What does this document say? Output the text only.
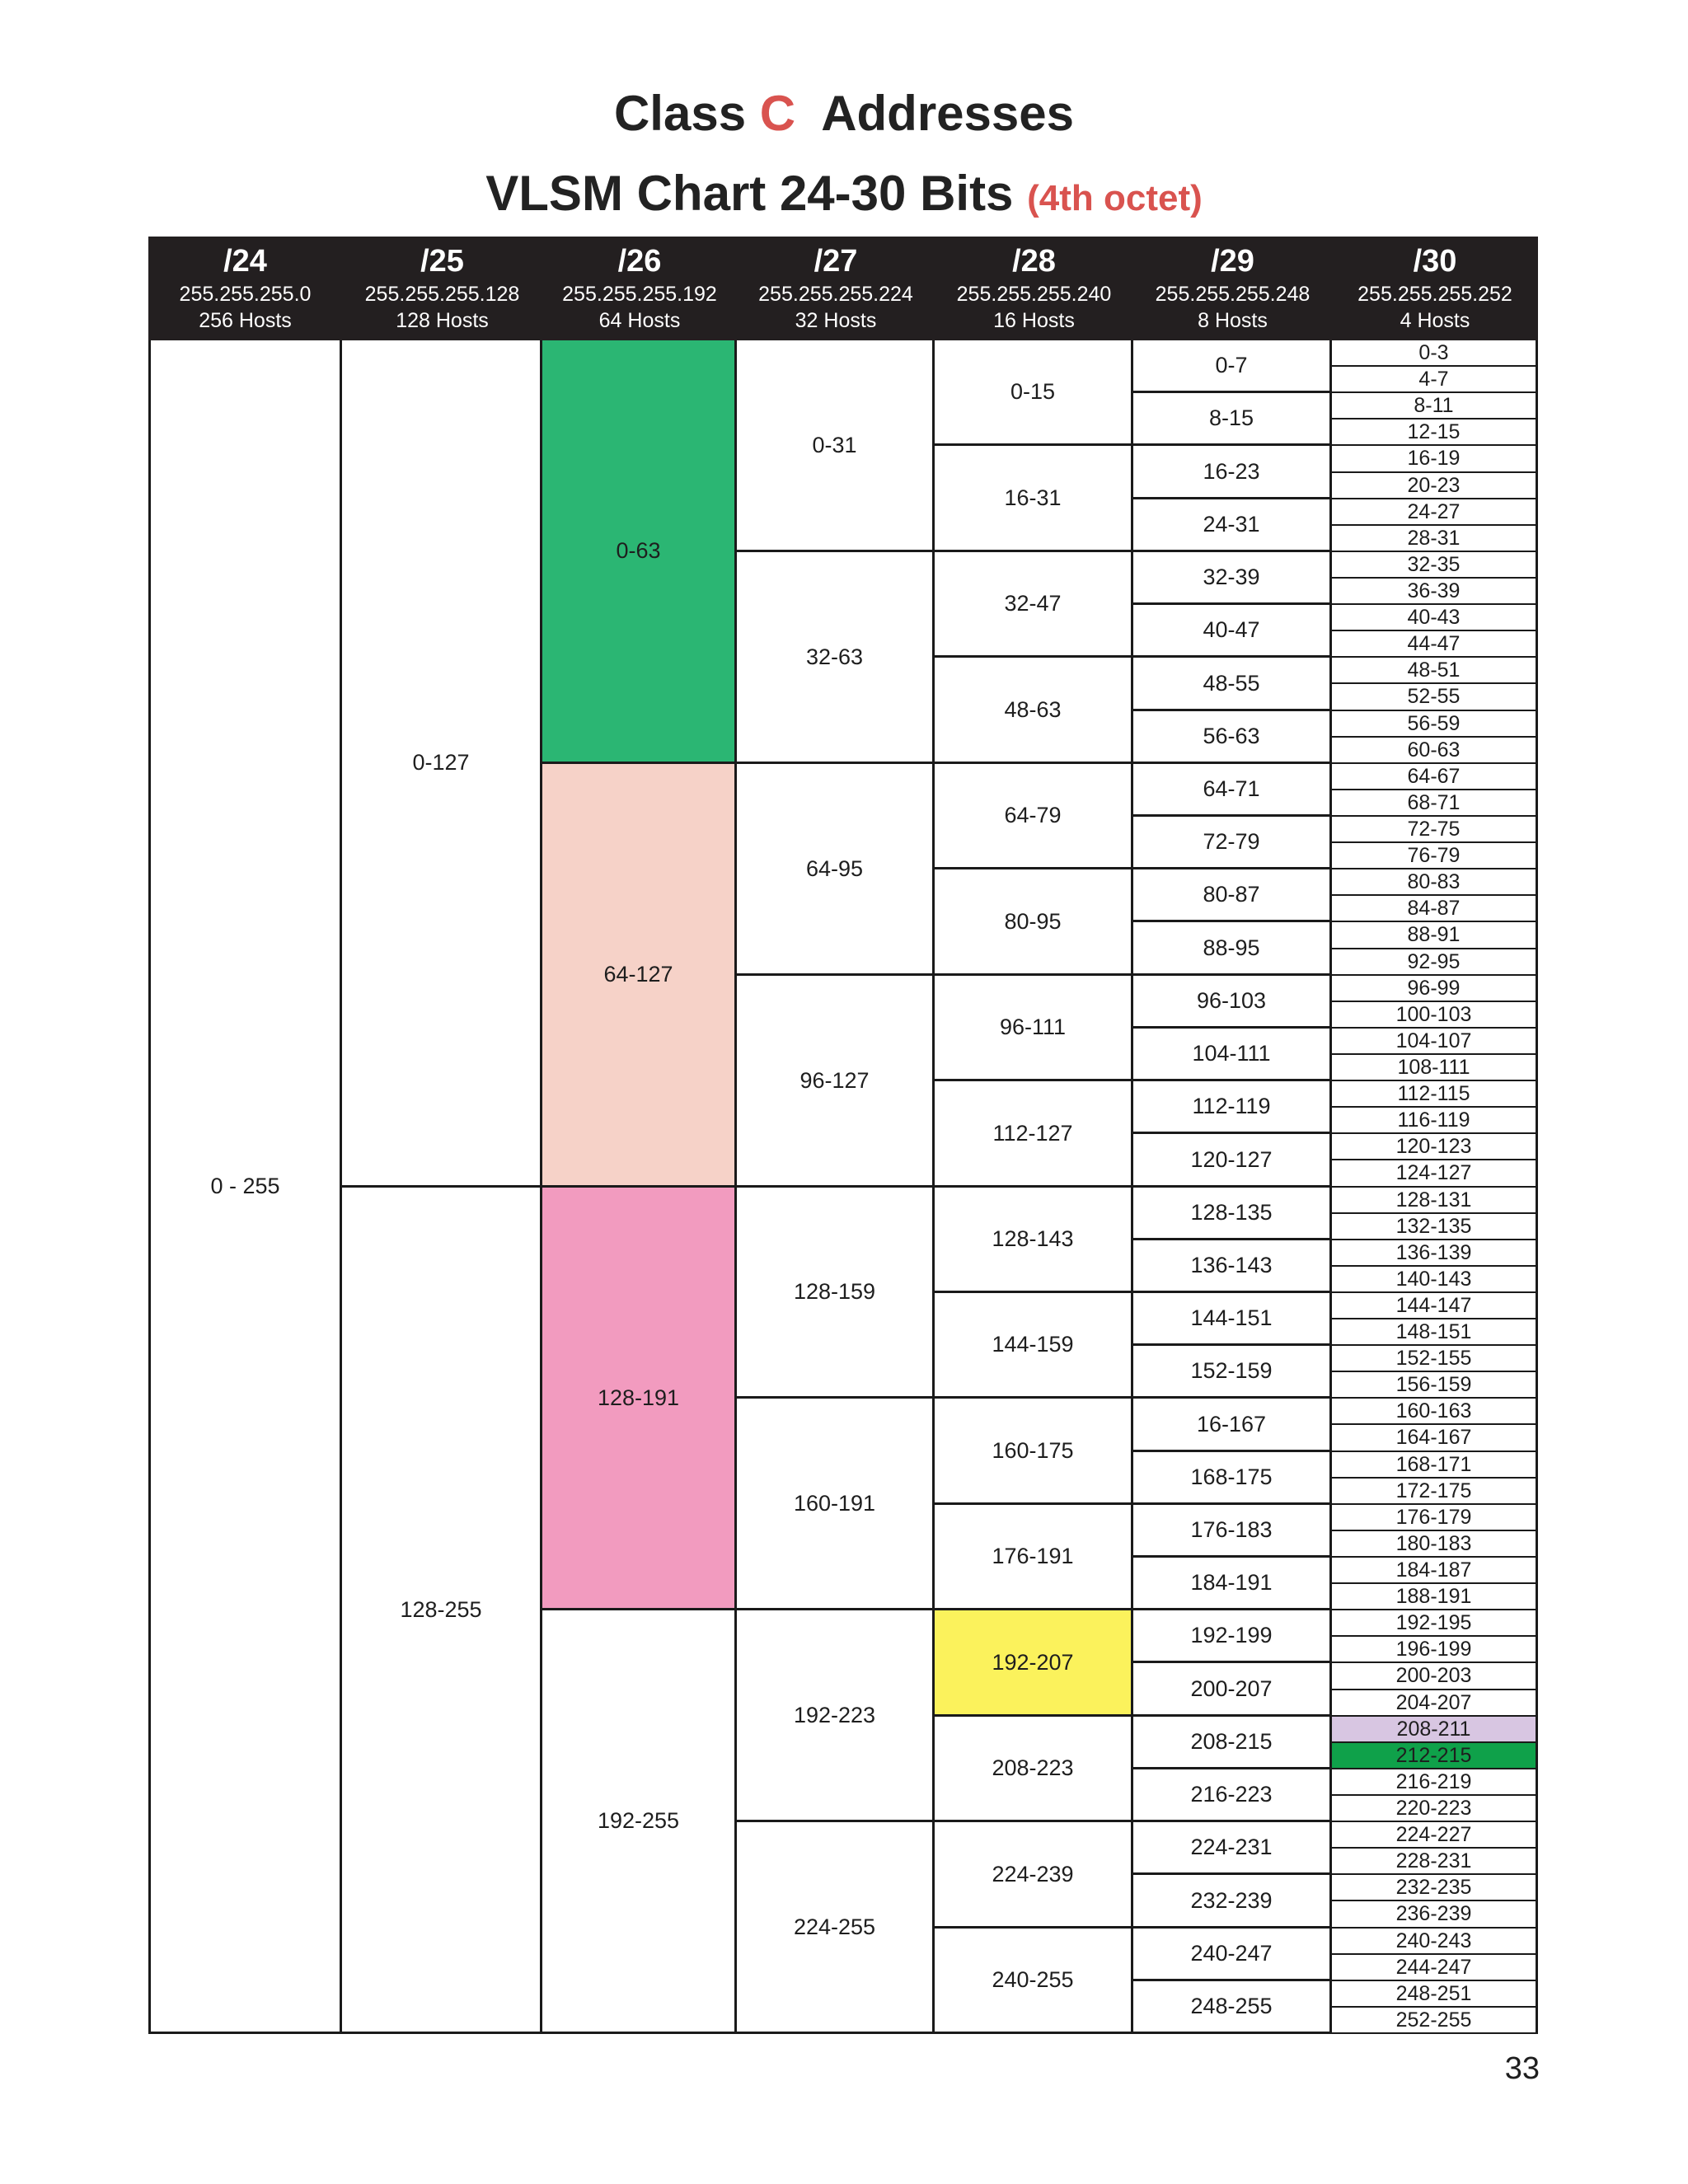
Class C  Addresses
VLSM Chart 24-30 Bits (4th octet)
/24
255.255.255.0
256 Hosts
/25
255.255.255.128
128 Hosts
/26
255.255.255.192
64 Hosts
/27
255.255.255.224
32 Hosts
/28
255.255.255.240
16 Hosts
/29
255.255.255.248
8 Hosts
/30
255.255.255.252
4 Hosts
0 - 255
0-127
128-255
0-63
64-127
128-191
192-255
0-31
32-63
64-95
96-127
128-159
160-191
192-223
224-255
0-15
16-31
32-47
48-63
64-79
80-95
96-111
112-127
128-143
144-159
160-175
176-191
192-207
208-223
224-239
240-255
0-7
8-15
16-23
24-31
32-39
40-47
48-55
56-63
64-71
72-79
80-87
88-95
96-103
104-111
112-119
120-127
128-135
136-143
144-151
152-159
16-167
168-175
176-183
184-191
192-199
200-207
208-215
216-223
224-231
232-239
240-247
248-255
0-3
4-7
8-11
12-15
16-19
20-23
24-27
28-31
32-35
36-39
40-43
44-47
48-51
52-55
56-59
60-63
64-67
68-71
72-75
76-79
80-83
84-87
88-91
92-95
96-99
100-103
104-107
108-111
112-115
116-119
120-123
124-127
128-131
132-135
136-139
140-143
144-147
148-151
152-155
156-159
160-163
164-167
168-171
172-175
176-179
180-183
184-187
188-191
192-195
196-199
200-203
204-207
208-211
212-215
216-219
220-223
224-227
228-231
232-235
236-239
240-243
244-247
248-251
252-255
33
